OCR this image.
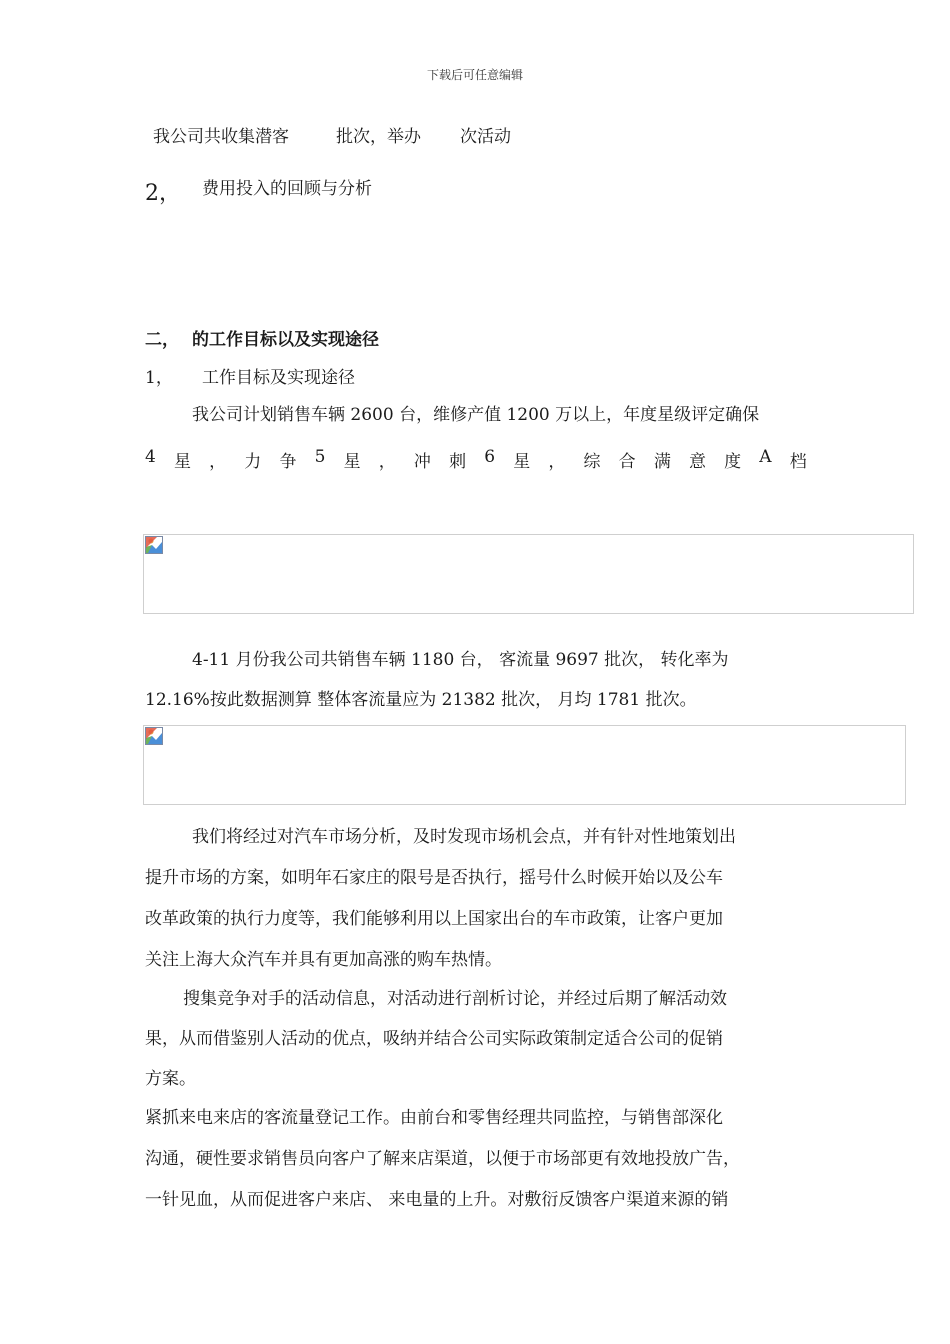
下载后可任意编辑
我公司共收集潜客	批次，举办 次活动
2， 费用投入的回顾与分析
二， 的工作目标以及实现途径
1， 工作目标及实现途径
我公司计划销售车辆 2600 台，维修产值 1200 万以上，年度星级评定确保
4 星 ， 力 争 5 星 ， 冲 刺 6 星 ， 综 合 满 意 度 A 档
4-11 月份我公司共销售车辆 1180 台， 客流量 9697 批次， 转化率为
12.16%按此数据测算 整体客流量应为 21382 批次， 月均 1781 批次。
我们将经过对汽车市场分析，及时发现市场机会点，并有针对性地策划出
提升市场的方案，如明年石家庄的限号是否执行，摇号什么时候开始以及公车
改革政策的执行力度等，我们能够利用以上国家出台的车市政策，让客户更加
关注上海大众汽车并具有更加高涨的购车热情。
搜集竞争对手的活动信息，对活动进行剖析讨论，并经过后期了解活动效
果，从而借鉴别人活动的优点，吸纳并结合公司实际政策制定适合公司的促销
方案。
紧抓来电来店的客流量登记工作。由前台和零售经理共同监控，与销售部深化
沟通，硬性要求销售员向客户了解来店渠道，以便于市场部更有效地投放广告，
一针见血，从而促进客户来店、 来电量的上升。对敷衍反馈客户渠道来源的销
